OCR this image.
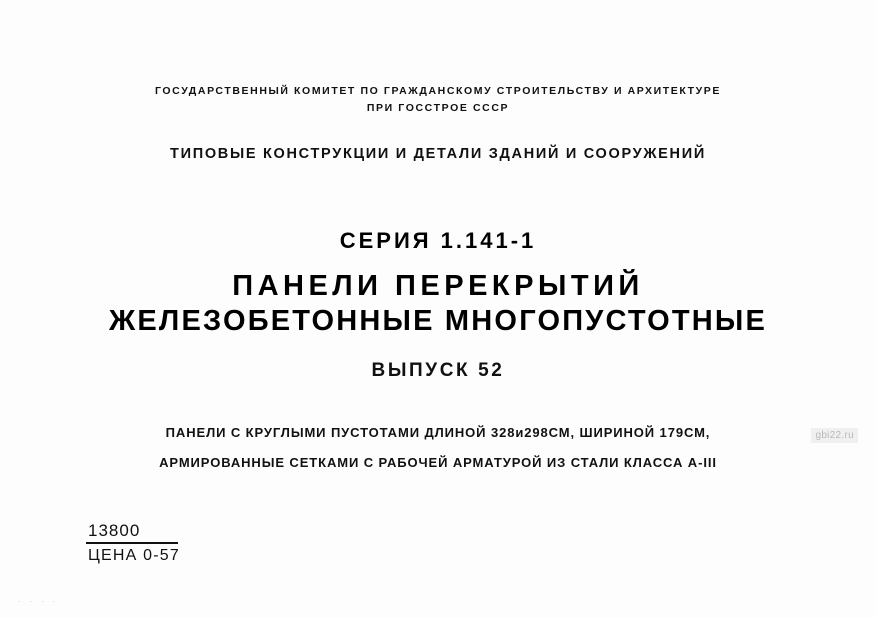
ГОСУДАРСТВЕННЫЙ КОМИТЕТ ПО ГРАЖДАНСКОМУ СТРОИТЕЛЬСТВУ И АРХИТЕКТУРЕ
ПРИ ГОССТРОЕ СССР
ТИПОВЫЕ КОНСТРУКЦИИ И ДЕТАЛИ ЗДАНИЙ И СООРУЖЕНИЙ
СЕРИЯ 1.141-1
ПАНЕЛИ ПЕРЕКРЫТИЙ
ЖЕЛЕЗОБЕТОННЫЕ МНОГОПУСТОТНЫЕ
ВЫПУСК 52
ПАНЕЛИ С КРУГЛЫМИ ПУСТОТАМИ ДЛИНОЙ 328и298СМ, ШИРИНОЙ 179СМ,
АРМИРОВАННЫЕ СЕТКАМИ С РАБОЧЕЙ АРМАТУРОЙ ИЗ СТАЛИ КЛАССА А-III
13800
ЦЕНА 0-57
· · · ·
gbi22.ru
